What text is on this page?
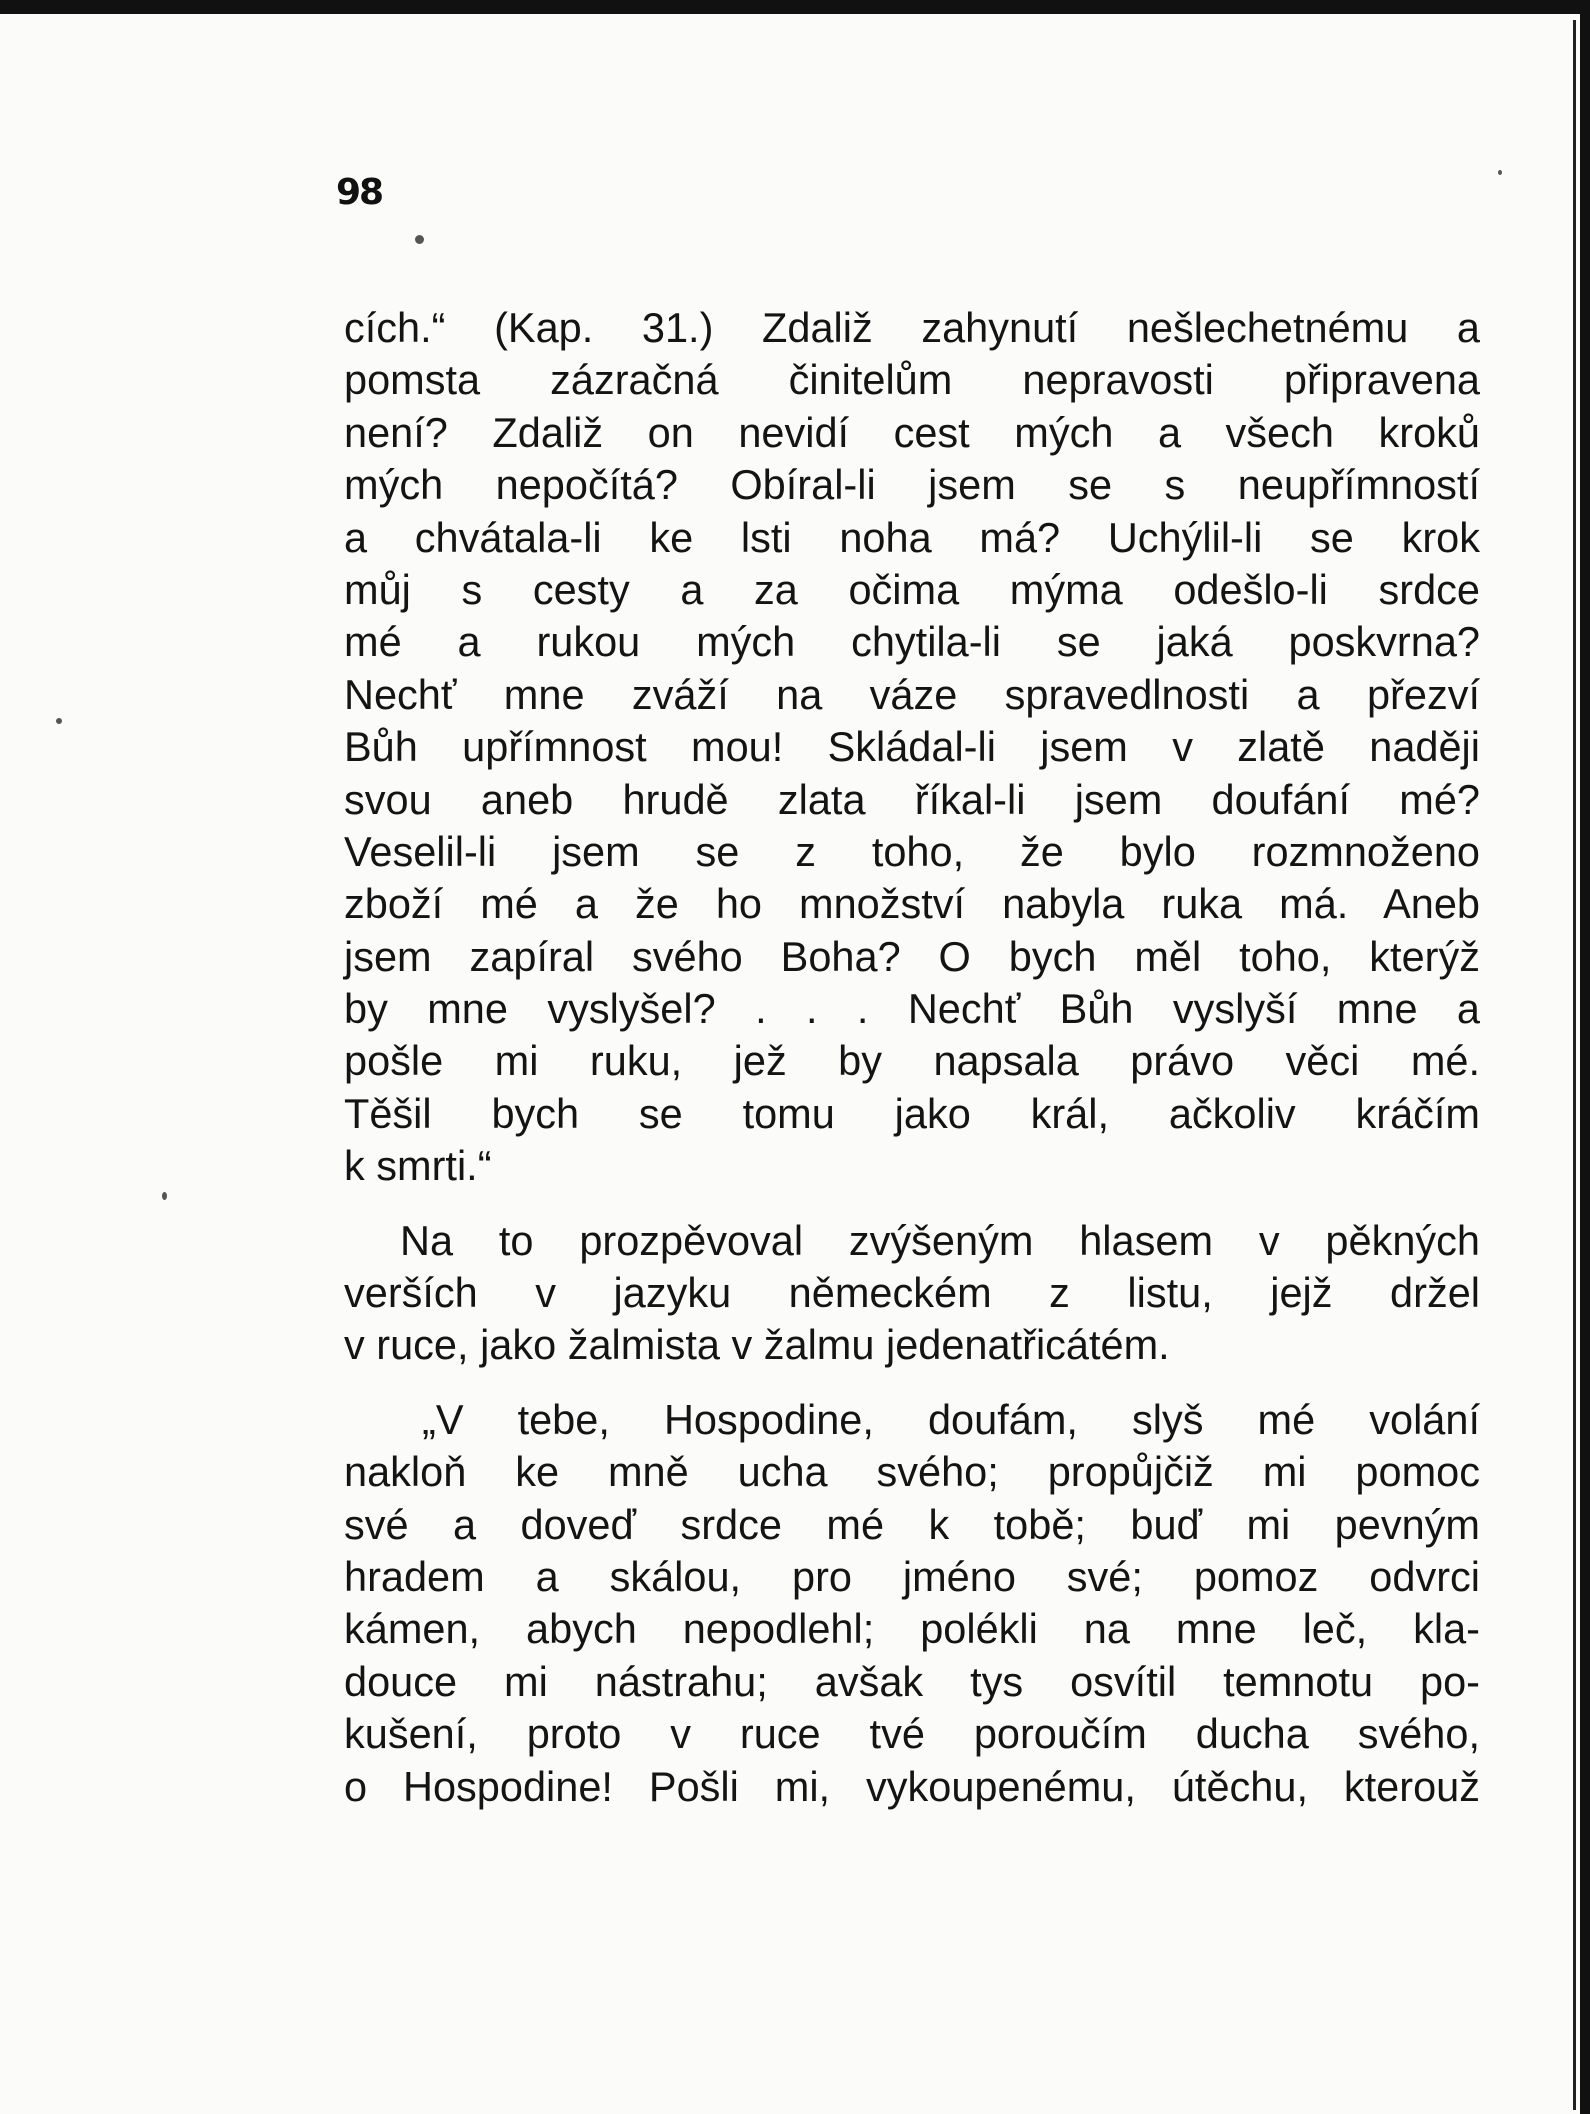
98
cích.“ (Kap. 31.) Zdaliž zahynutí nešlechetnému a
pomsta zázračná činitelům nepravosti připravena
není? Zdaliž on nevidí cest mých a všech kroků
mých nepočítá? Obíral-li jsem se s neupřímností
a chvátala-li ke lsti noha má? Uchýlil-li se krok
můj s cesty a za očima mýma odešlo-li srdce
mé a rukou mých chytila-li se jaká poskvrna?
Nechť mne zváží na váze spravedlnosti a přezví
Bůh upřímnost mou! Skládal-li jsem v zlatě naději
svou aneb hrudě zlata říkal-li jsem doufání mé?
Veselil-li jsem se z toho, že bylo rozmnoženo
zboží mé a že ho množství nabyla ruka má. Aneb
jsem zapíral svého Boha? O bych měl toho, kterýž
by mne vyslyšel? . . . Nechť Bůh vyslyší mne a
pošle mi ruku, jež by napsala právo věci mé.
Těšil bych se tomu jako král, ačkoliv kráčím
k smrti.“
Na to prozpěvoval zvýšeným hlasem v pěkných
verších v jazyku německém z listu, jejž držel
v ruce, jako žalmista v žalmu jedenatřicátém.
„V tebe, Hospodine, doufám, slyš mé volání
nakloň ke mně ucha svého; propůjčiž mi pomoc
své a doveď srdce mé k tobě; buď mi pevným
hradem a skálou, pro jméno své; pomoz odvrci
kámen, abych nepodlehl; polékli na mne leč, kla-
douce mi nástrahu; avšak tys osvítil temnotu po-
kušení, proto v ruce tvé poroučím ducha svého,
o Hospodine! Pošli mi, vykoupenému, útěchu, kterouž
